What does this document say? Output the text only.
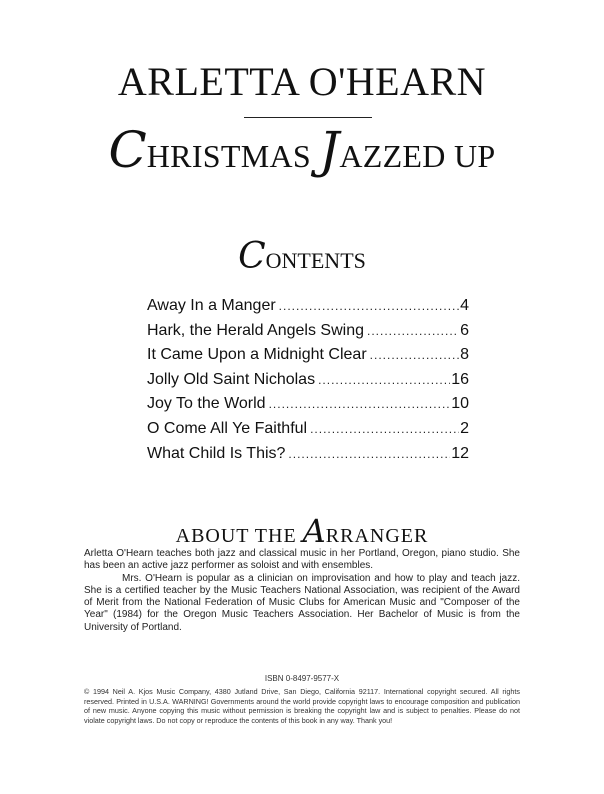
ARLETTA O'HEARN
CHRISTMAS JAZZED UP
CONTENTS
Away In a Manger .....	4
Hark, the Herald Angels Swing .....	6
It Came Upon a Midnight Clear .....	8
Jolly Old Saint Nicholas .....	16
Joy To the World .....	10
O Come All Ye Faithful .....	2
What Child Is This? .....	12
ABOUT THE ARRANGER

Arletta O'Hearn teaches both jazz and classical music in her Portland, Oregon, piano studio. She has been an active jazz performer as soloist and with ensembles.

Mrs. O'Hearn is popular as a clinician on improvisation and how to play and teach jazz. She is a certified teacher by the Music Teachers National Association, was recipient of the Award of Merit from the National Federation of Music Clubs for American Music and "Composer of the Year" (1984) for the Oregon Music Teachers Association. Her Bachelor of Music is from the University of Portland.

ISBN 0-8497-9577-X

© 1994 Neil A. Kjos Music Company, 4380 Jutland Drive, San Diego, California 92117. International copyright secured. All rights reserved. Printed in U.S.A. WARNING! Governments around the world provide copyright laws to encourage composition and publication of new music. Anyone copying this music without permission is breaking the copyright law and is subject to penalties. Please do not violate copyright laws. Do not copy or reproduce the contents of this book in any way. Thank you!
